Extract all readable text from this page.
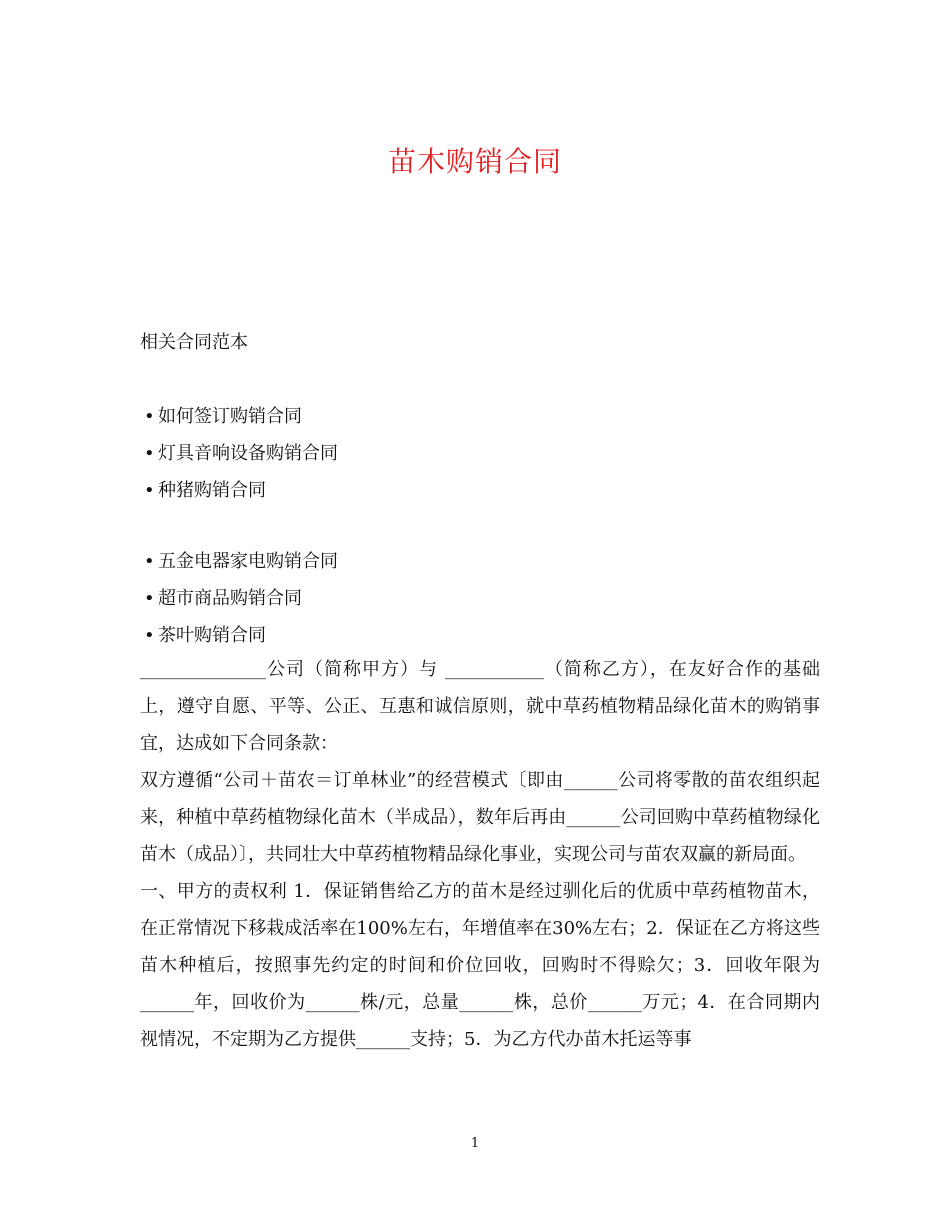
苗木购销合同
相关合同范本
• 如何签订购销合同
• 灯具音响设备购销合同
• 种猪购销合同
• 五金电器家电购销合同
• 超市商品购销合同
• 茶叶购销合同

______________公司（简称甲方）与 ___________（简称乙方），在友好合作的基础上，遵守自愿、平等、公正、互惠和诚信原则，就中草药植物精品绿化苗木的购销事宜，达成如下合同条款：

双方遵循“公司＋苗农＝订单林业”的经营模式〔即由______公司将零散的苗农组织起来，种植中草药植物绿化苗木（半成品），数年后再由______公司回购中草药植物绿化苗木（成品）〕，共同壮大中草药植物精品绿化事业，实现公司与苗农双赢的新局面。

一、甲方的责权利 1．保证销售给乙方的苗木是经过驯化后的优质中草药植物苗木，在正常情况下移栽成活率在100%左右，年增值率在30%左右；2．保证在乙方将这些苗木种植后，按照事先约定的时间和价位回收，回购时不得赊欠；3．回收年限为______年，回收价为______株/元，总量______株，总价______万元；4．在合同期内视情况，不定期为乙方提供______支持；5．为乙方代办苗木托运等事

1
